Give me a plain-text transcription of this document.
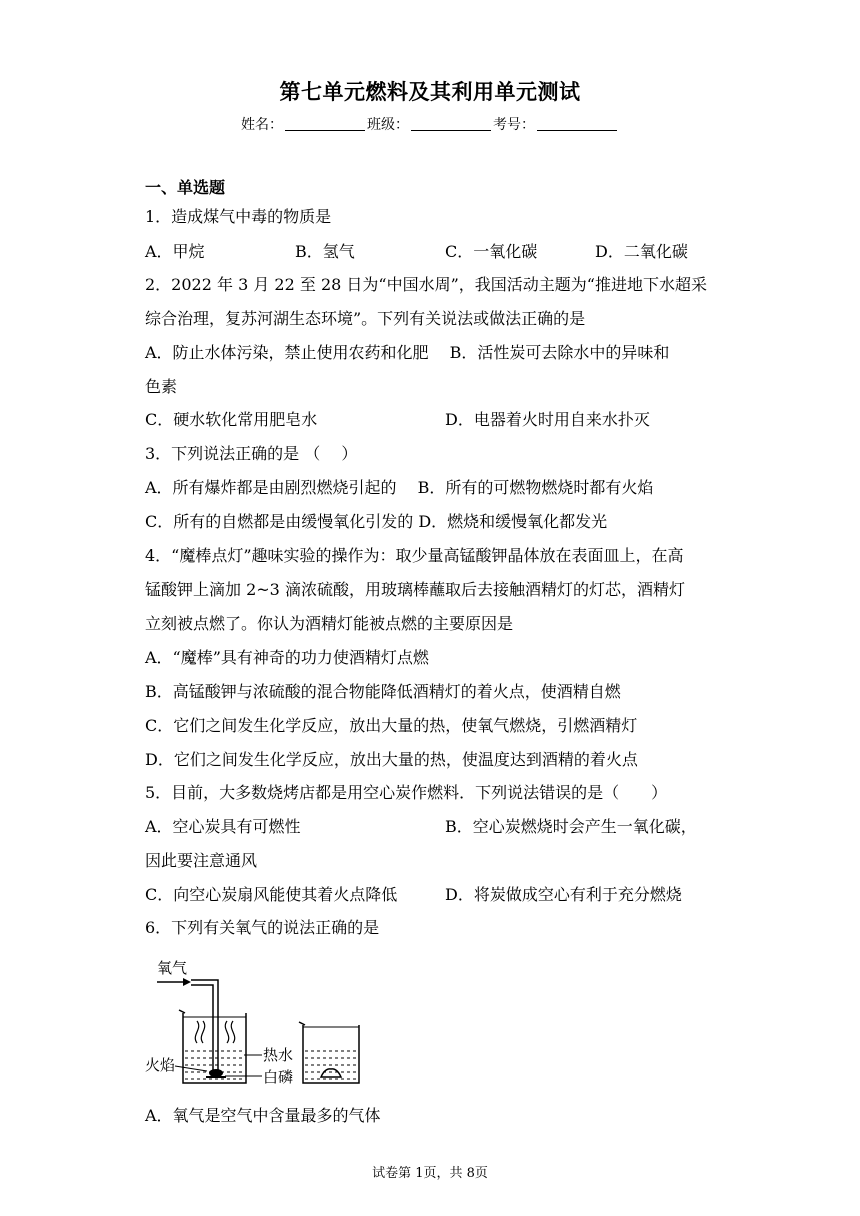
第七单元燃料及其利用单元测试
姓名：	班级：	考号：
一、单选题
1．造成煤气中毒的物质是
A．甲烷	B．氢气	C．一氧化碳	D．二氧化碳
2．2022 年 3 月 22 至 28 日为“中国水周”，我国活动主题为“推进地下水超采
综合治理，复苏河湖生态环境”。下列有关说法或做法正确的是
A．防止水体污染，禁止使用农药和化肥　 B．活性炭可去除水中的异味和
色素
C．硬水软化常用肥皂水	D．电器着火时用自来水扑灭
3．下列说法正确的是 （　 ）
A．所有爆炸都是由剧烈燃烧引起的　 B．所有的可燃物燃烧时都有火焰
C．所有的自燃都是由缓慢氧化引发的 D．燃烧和缓慢氧化都发光
4．“魔棒点灯”趣味实验的操作为：取少量高锰酸钾晶体放在表面皿上，在高
锰酸钾上滴加 2~3 滴浓硫酸，用玻璃棒蘸取后去接触酒精灯的灯芯，酒精灯
立刻被点燃了。你认为酒精灯能被点燃的主要原因是
A．“魔棒”具有神奇的功力使酒精灯点燃
B．高锰酸钾与浓硫酸的混合物能降低酒精灯的着火点，使酒精自燃
C．它们之间发生化学反应，放出大量的热，使氧气燃烧，引燃酒精灯
D．它们之间发生化学反应，放出大量的热，使温度达到酒精的着火点
5．目前，大多数烧烤店都是用空心炭作燃料．下列说法错误的是（　　）
A．空心炭具有可燃性	B．空心炭燃烧时会产生一氧化碳，
因此要注意通风
C．向空心炭扇风能使其着火点降低	D．将炭做成空心有利于充分燃烧
6．下列有关氧气的说法正确的是
氧气
火焰
热水
白磷
A．氧气是空气中含量最多的气体
试卷第 1页，共 8页
